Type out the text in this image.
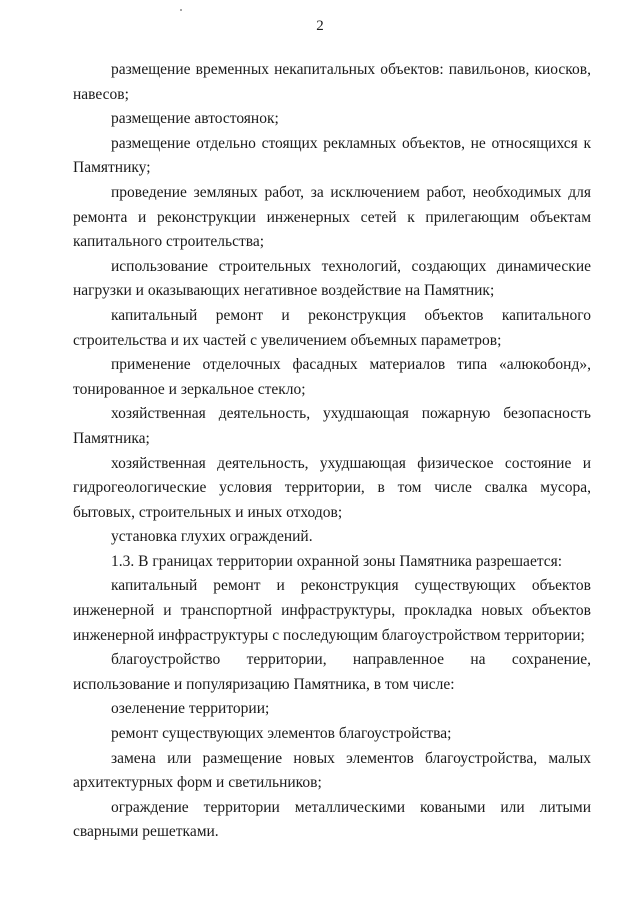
2

размещение временных некапитальных объектов: павильонов, киосков, навесов;

размещение автостоянок;

размещение отдельно стоящих рекламных объектов, не относящихся к Памятнику;

проведение земляных работ, за исключением работ, необходимых для ремонта и реконструкции инженерных сетей к прилегающим объектам капитального строительства;

использование строительных технологий, создающих динамические нагрузки и оказывающих негативное воздействие на Памятник;

капитальный ремонт и реконструкция объектов капитального строительства и их частей с увеличением объемных параметров;

применение отделочных фасадных материалов типа «алюкобонд», тонированное и зеркальное стекло;

хозяйственная деятельность, ухудшающая пожарную безопасность Памятника;

хозяйственная деятельность, ухудшающая физическое состояние и гидрогеологические условия территории, в том числе свалка мусора, бытовых, строительных и иных отходов;

установка глухих ограждений.

1.3. В границах территории охранной зоны Памятника разрешается:

капитальный ремонт и реконструкция существующих объектов инженерной и транспортной инфраструктуры, прокладка новых объектов инженерной инфраструктуры с последующим благоустройством территории;

благоустройство территории, направленное на сохранение, использование и популяризацию Памятника, в том числе:

озеленение территории;

ремонт существующих элементов благоустройства;

замена или размещение новых элементов благоустройства, малых архитектурных форм и светильников;

ограждение территории металлическими коваными или литыми сварными решетками.
